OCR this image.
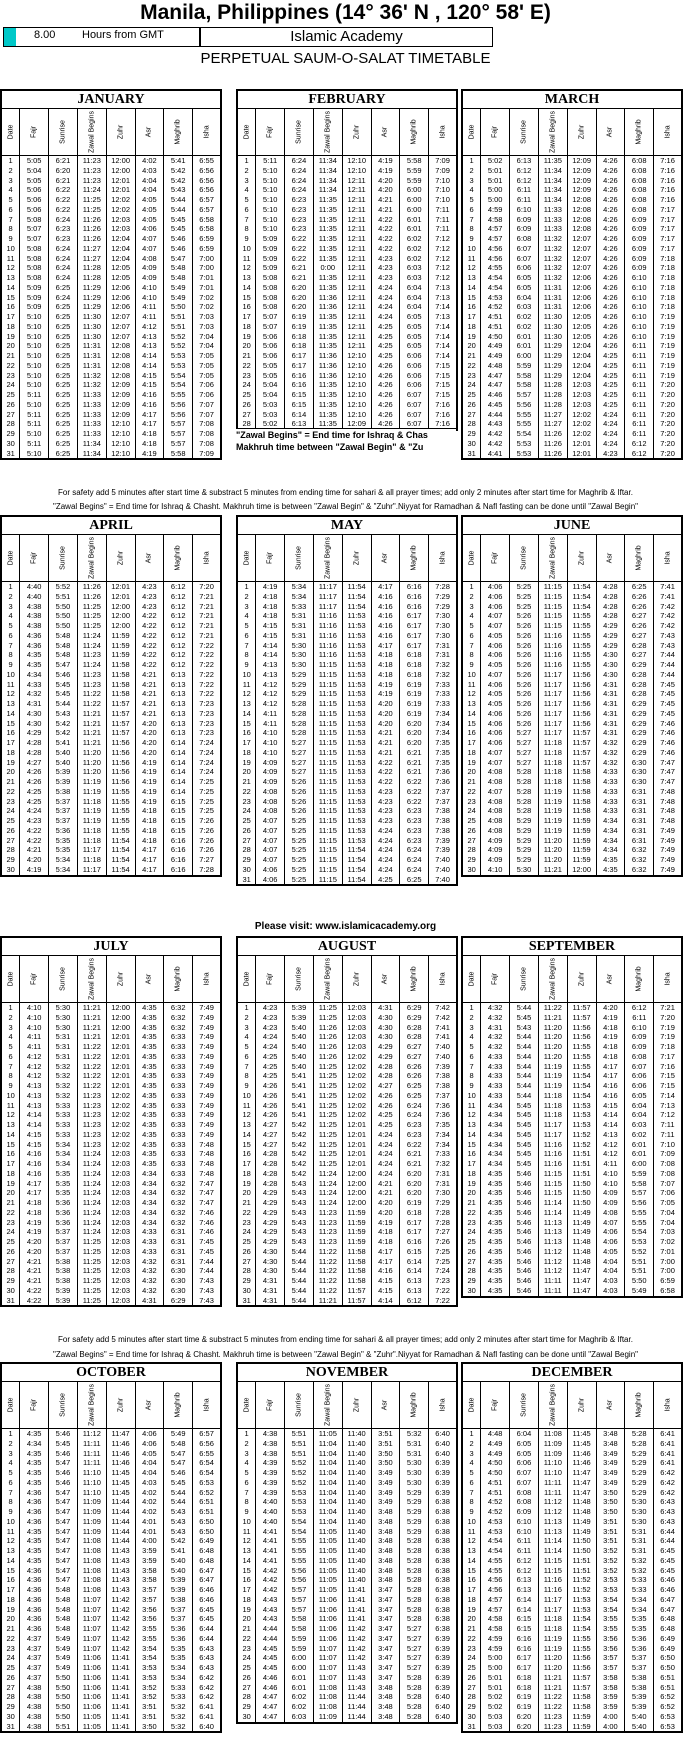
Manila, Philippines (14° 36' N , 120° 58' E)
8.00 Hours from GMT	Islamic Academy
PERPETUAL SAUM-O-SALAT TIMETABLE
JANUARY
Date Fajr	Sunrise	Zawal Begins	Zuhr	Asr	Maghrib	Isha
1	5:05	6:21	11:23	12:00	4:02	5:41	6:55
2	5:04	6:20	11:23	12:00	4:03	5:42	6:56
3	5:05	6:21	11:23	12:01	4:04	5:42	6:56
4	5:06	6:22	11:24	12:01	4:04	5:43	6:56
5	5:06	6:22	11:25	12:02	4:05	5:44	6:57
6	5:06	6:22	11:25	12:02	4:05	5:44	6:57
7	5:08	6:24	11:26	12:03	4:05	5:45	6:58
8	5:07	6:23	11:26	12:03	4:06	5:45	6:58
9	5:07	6:23	11:26	12:04	4:07	5:46	6:59
10	5:08	6:24	11:27	12:04	4:07	5:46	6:59
11	5:08	6:24	11:27	12:04	4:08	5:47	7:00
12	5:08	6:24	11:28	12:05	4:09	5:48	7:00
13	5:08	6:24	11:28	12:05	4:09	5:48	7:01
14	5:09	6:25	11:29	12:06	4:10	5:49	7:01
15	5:09	6:24	11:29	12:06	4:10	5:49	7:02
16	5:09	6:25	11:29	12:06	4:11	5:50	7:02
17	5:10	6:25	11:30	12:07	4:11	5:51	7:03
18	5:10	6:25	11:30	12:07	4:12	5:51	7:03
19	5:10	6:25	11:30	12:07	4:13	5:52	7:04
20	5:10	6:25	11:31	12:08	4:13	5:52	7:04
21	5:10	6:25	11:31	12:08	4:14	5:53	7:05
22	5:10	6:25	11:31	12:08	4:14	5:53	7:05
23	5:10	6:25	11:32	12:08	4:15	5:54	7:05
24	5:10	6:25	11:32	12:09	4:15	5:54	7:06
25	5:11	6:25	11:33	12:09	4:16	5:55	7:06
26	5:10	6:25	11:33	12:09	4:16	5:56	7:07
27	5:11	6:25	11:33	12:09	4:17	5:56	7:07
28	5:11	6:25	11:33	12:10	4:17	5:57	7:08
29	5:10	6:25	11:33	12:10	4:18	5:57	7:08
30	5:11	6:25	11:34	12:10	4:18	5:57	7:08
31	5:10	6:25	11:34	12:10	4:19	5:58	7:09
FEBRUARY
Date Fajr	Sunrise	Zawal Begins	Zuhr	Asr	Maghrib	Isha
1	5:11	6:24	11:34	12:10	4:19	5:58	7:09
2	5:10	6:24	11:34	12:10	4:19	5:59	7:09
3	5:10	6:24	11:34	12:11	4:20	5:59	7:10
4	5:10	6:24	11:34	12:11	4:20	6:00	7:10
5	5:10	6:23	11:35	12:11	4:21	6:00	7:10
6	5:10	6:23	11:35	12:11	4:21	6:00	7:11
7	5:10	6:23	11:35	12:11	4:22	6:01	7:11
8	5:10	6:23	11:35	12:11	4:22	6:01	7:11
9	5:09	6:22	11:35	12:11	4:22	6:02	7:12
10	5:09	6:22	11:35	12:11	4:22	6:02	7:12
11	5:09	6:22	11:35	12:11	4:23	6:02	7:12
12	5:09	6:21	0:00	12:11	4:23	6:03	7:12
13	5:08	6:21	11:35	12:11	4:23	6:03	7:12
14	5:08	6:20	11:35	12:11	4:24	6:04	7:13
15	5:08	6:20	11:36	12:11	4:24	6:04	7:13
16	5:08	6:20	11:36	12:11	4:24	6:04	7:14
17	5:07	6:19	11:35	12:11	4:24	6:05	7:13
18	5:07	6:19	11:35	12:11	4:25	6:05	7:14
19	5:06	6:18	11:35	12:11	4:25	6:05	7:14
20	5:06	6:18	11:35	12:11	4:25	6:05	7:14
21	5:06	6:17	11:36	12:10	4:25	6:06	7:14
22	5:05	6:17	11:36	12:10	4:26	6:06	7:15
23	5:05	6:16	11:36	12:10	4:26	6:06	7:15
24	5:04	6:16	11:35	12:10	4:26	6:06	7:15
25	5:04	6:15	11:35	12:10	4:26	6:07	7:15
26	5:03	6:15	11:35	12:10	4:26	6:07	7:16
27	5:03	6:14	11:35	12:10	4:26	6:07	7:16
28	5:02	6:13	11:35	12:09	4:26	6:07	7:16
MARCH
Date Fajr	Sunrise	Zawal Begins	Zuhr	Asr	Maghrib	Isha
1	5:02	6:13	11:35	12:09	4:26	6:08	7:16
2	5:01	6:12	11:34	12:09	4:26	6:08	7:16
3	5:01	6:12	11:34	12:09	4:26	6:08	7:16
4	5:00	6:11	11:34	12:09	4:26	6:08	7:16
5	5:00	6:11	11:34	12:08	4:26	6:08	7:16
6	4:59	6:10	11:33	12:08	4:26	6:08	7:17
7	4:58	6:09	11:33	12:08	4:26	6:09	7:17
8	4:57	6:09	11:33	12:08	4:26	6:09	7:17
9	4:57	6:08	11:32	12:07	4:26	6:09	7:17
10	4:56	6:07	11:32	12:07	4:26	6:09	7:17
11	4:56	6:07	11:32	12:07	4:26	6:09	7:18
12	4:55	6:06	11:32	12:07	4:26	6:09	7:18
13	4:54	6:05	11:32	12:06	4:26	6:10	7:18
14	4:54	6:05	11:31	12:06	4:26	6:10	7:18
15	4:53	6:04	11:31	12:06	4:26	6:10	7:18
16	4:52	6:03	11:31	12:06	4:26	6:10	7:18
17	4:51	6:02	11:30	12:05	4:26	6:10	7:19
18	4:51	6:02	11:30	12:05	4:26	6:10	7:19
19	4:50	6:01	11:30	12:05	4:26	6:10	7:19
20	4:49	6:01	11:29	12:04	4:26	6:11	7:19
21	4:49	6:00	11:29	12:04	4:25	6:11	7:19
22	4:48	5:59	11:29	12:04	4:25	6:11	7:19
23	4:47	5:58	11:29	12:04	4:25	6:11	7:19
24	4:47	5:58	11:28	12:03	4:25	6:11	7:20
25	4:46	5:57	11:28	12:03	4:25	6:11	7:20
26	4:45	5:56	11:28	12:03	4:25	6:11	7:20
27	4:44	5:55	11:27	12:02	4:24	6:11	7:20
28	4:43	5:55	11:27	12:02	4:24	6:11	7:20
29	4:42	5:54	11:26	12:02	4:24	6:11	7:20
30	4:42	5:53	11:26	12:01	4:24	6:12	7:20
31	4:41	5:53	11:26	12:01	4:23	6:12	7:20
APRIL
Date Fajr	Sunrise	Zawal Begins	Zuhr	Asr	Maghrib	Isha
1	4:40	5:52	11:26	12:01	4:23	6:12	7:20
2	4:40	5:51	11:26	12:01	4:23	6:12	7:21
3	4:38	5:50	11:25	12:00	4:23	6:12	7:21
4	4:38	5:50	11:25	12:00	4:22	6:12	7:21
5	4:38	5:50	11:25	12:00	4:22	6:12	7:21
6	4:36	5:48	11:24	11:59	4:22	6:12	7:21
7	4:36	5:48	11:24	11:59	4:22	6:12	7:22
8	4:35	5:48	11:23	11:59	4:22	6:12	7:22
9	4:35	5:47	11:24	11:58	4:22	6:12	7:22
10	4:34	5:46	11:23	11:58	4:21	6:13	7:22
11	4:33	5:45	11:23	11:58	4:21	6:13	7:22
12	4:32	5:45	11:22	11:58	4:21	6:13	7:22
13	4:31	5:44	11:22	11:57	4:21	6:13	7:23
14	4:30	5:43	11:21	11:57	4:21	6:13	7:23
15	4:30	5:42	11:21	11:57	4:20	6:13	7:23
16	4:29	5:42	11:21	11:57	4:20	6:13	7:23
17	4:28	5:41	11:21	11:56	4:20	6:14	7:24
18	4:28	5:40	11:20	11:56	4:20	6:14	7:24
19	4:27	5:40	11:20	11:56	4:19	6:14	7:24
20	4:26	5:39	11:20	11:56	4:19	6:14	7:24
21	4:26	5:39	11:19	11:56	4:19	6:14	7:25
22	4:25	5:38	11:19	11:55	4:19	6:14	7:25
23	4:25	5:37	11:18	11:55	4:19	6:15	7:25
24	4:24	5:37	11:19	11:55	4:18	6:15	7:25
25	4:23	5:37	11:19	11:55	4:18	6:15	7:26
26	4:22	5:36	11:18	11:55	4:18	6:15	7:26
27	4:22	5:35	11:18	11:54	4:18	6:16	7:26
28	4:21	5:35	11:17	11:54	4:17	6:16	7:26
29	4:20	5:34	11:18	11:54	4:17	6:16	7:27
30	4:19	5:34	11:17	11:54	4:17	6:16	7:28
MAY
Date Fajr	Sunrise	Zawal Begins	Zuhr	Asr	Maghrib	Isha
1	4:19	5:34	11:17	11:54	4:17	6:16	7:28
2	4:18	5:34	11:17	11:54	4:16	6:16	7:29
3	4:18	5:33	11:17	11:54	4:16	6:16	7:29
4	4:18	5:31	11:16	11:53	4:16	6:17	7:30
5	4:15	5:31	11:16	11:53	4:16	6:17	7:30
6	4:15	5:31	11:16	11:53	4:16	6:17	7:30
7	4:14	5:30	11:16	11:53	4:17	6:17	7:31
8	4:14	5:30	11:16	11:53	4:18	6:18	7:31
9	4:13	5:30	11:15	11:53	4:18	6:18	7:32
10	4:13	5:29	11:15	11:53	4:18	6:18	7:32
11	4:12	5:29	11:15	11:53	4:19	6:19	7:33
12	4:12	5:29	11:15	11:53	4:19	6:19	7:33
13	4:12	5:28	11:15	11:53	4:20	6:19	7:33
14	4:11	5:28	11:15	11:53	4:20	6:19	7:34
15	4:11	5:28	11:15	11:53	4:20	6:20	7:34
16	4:10	5:28	11:15	11:53	4:21	6:20	7:34
17	4:10	5:27	11:15	11:53	4:21	6:20	7:35
18	4:10	5:27	11:15	11:53	4:21	6:21	7:35
19	4:09	5:27	11:15	11:53	4:22	6:21	7:35
20	4:09	5:27	11:15	11:53	4:22	6:21	7:36
21	4:09	5:26	11:15	11:53	4:22	6:22	7:36
22	4:08	5:26	11:15	11:53	4:23	6:22	7:37
23	4:08	5:26	11:15	11:53	4:23	6:22	7:37
24	4:08	5:26	11:15	11:53	4:23	6:23	7:38
25	4:07	5:25	11:15	11:53	4:23	6:23	7:38
26	4:07	5:25	11:15	11:53	4:24	6:23	7:38
27	4:07	5:25	11:15	11:53	4:24	6:23	7:39
28	4:07	5:25	11:15	11:54	4:24	6:24	7:39
29	4:07	5:25	11:15	11:54	4:24	6:24	7:40
30	4:06	5:25	11:15	11:54	4:24	6:24	7:40
31	4:06	5:25	11:15	11:54	4:25	6:25	7:40
JUNE
Date Fajr	Sunrise	Zawal Begins	Zuhr	Asr	Maghrib	Isha
1	4:06	5:25	11:15	11:54	4:28	6:25	7:41
2	4:06	5:25	11:15	11:54	4:28	6:26	7:41
3	4:06	5:25	11:15	11:54	4:28	6:26	7:42
4	4:07	5:26	11:15	11:55	4:28	6:27	7:42
5	4:07	5:26	11:15	11:55	4:29	6:26	7:42
6	4:05	5:26	11:16	11:55	4:29	6:27	7:43
7	4:06	5:26	11:16	11:55	4:29	6:28	7:43
8	4:06	5:26	11:16	11:55	4:30	6:27	7:44
9	4:05	5:26	11:16	11:55	4:30	6:29	7:44
10	4:07	5:26	11:17	11:56	4:30	6:28	7:44
11	4:06	5:26	11:17	11:56	4:31	6:28	7:45
12	4:05	5:26	11:17	11:56	4:31	6:28	7:45
13	4:05	5:26	11:17	11:56	4:31	6:29	7:45
14	4:06	5:26	11:17	11:56	4:31	6:29	7:45
15	4:06	5:26	11:17	11:56	4:31	6:29	7:46
16	4:06	5:27	11:17	11:57	4:31	6:29	7:46
17	4:06	5:27	11:18	11:57	4:32	6:29	7:46
18	4:07	5:27	11:18	11:57	4:32	6:29	7:46
19	4:07	5:27	11:18	11:57	4:32	6:30	7:47
20	4:08	5:28	11:18	11:58	4:33	6:30	7:47
21	4:08	5:28	11:18	11:58	4:33	6:30	7:47
22	4:07	5:28	11:19	11:58	4:33	6:31	7:48
23	4:08	5:28	11:19	11:58	4:33	6:31	7:48
24	4:08	5:28	11:19	11:58	4:33	6:31	7:48
25	4:08	5:29	11:19	11:59	4:34	6:31	7:48
26	4:08	5:29	11:19	11:59	4:34	6:31	7:49
27	4:09	5:29	11:20	11:59	4:34	6:31	7:49
28	4:09	5:29	11:20	11:59	4:34	6:32	7:49
29	4:09	5:29	11:20	11:59	4:35	6:32	7:49
30	4:10	5:30	11:21	12:00	4:35	6:32	7:49
JULY
Date Fajr	Sunrise	Zawal Begins	Zuhr	Asr	Maghrib	Isha
1	4:10	5:30	11:21	12:00	4:35	6:32	7:49
2	4:10	5:30	11:21	12:00	4:35	6:32	7:49
3	4:10	5:30	11:21	12:00	4:35	6:32	7:49
4	4:11	5:31	11:21	12:01	4:35	6:33	7:49
5	4:11	5:31	11:22	12:01	4:35	6:33	7:49
6	4:12	5:31	11:22	12:01	4:35	6:33	7:49
7	4:12	5:32	11:22	12:01	4:35	6:33	7:49
8	4:12	5:32	11:22	12:01	4:35	6:33	7:49
9	4:13	5:32	11:22	12:01	4:35	6:33	7:49
10	4:13	5:32	11:23	12:02	4:35	6:33	7:49
11	4:13	5:33	11:23	12:02	4:35	6:33	7:49
12	4:14	5:33	11:23	12:02	4:35	6:33	7:49
13	4:14	5:33	11:23	12:02	4:35	6:33	7:49
14	4:15	5:33	11:23	12:02	4:35	6:33	7:49
15	4:15	5:34	11:23	12:02	4:35	6:33	7:48
16	4:16	5:34	11:24	12:03	4:35	6:33	7:48
17	4:16	5:34	11:24	12:03	4:35	6:33	7:48
18	4:16	5:35	11:24	12:03	4:34	6:33	7:48
19	4:17	5:35	11:24	12:03	4:34	6:32	7:47
20	4:17	5:35	11:24	12:03	4:34	6:32	7:47
21	4:18	5:36	11:24	12:03	4:34	6:32	7:47
22	4:18	5:36	11:24	12:03	4:34	6:32	7:46
23	4:19	5:36	11:24	12:03	4:34	6:32	7:46
24	4:19	5:37	11:24	12:03	4:33	6:31	7:46
25	4:20	5:37	11:25	12:03	4:33	6:31	7:45
26	4:20	5:37	11:25	12:03	4:33	6:31	7:45
27	4:21	5:38	11:25	12:03	4:32	6:31	7:44
28	4:21	5:38	11:25	12:03	4:32	6:30	7:44
29	4:21	5:38	11:25	12:03	4:32	6:30	7:43
30	4:22	5:39	11:25	12:03	4:32	6:30	7:43
31	4:22	5:39	11:25	12:03	4:31	6:29	7:43
AUGUST
Date Fajr	Sunrise	Zawal Begins	Zuhr	Asr	Maghrib	Isha
1	4:23	5:39	11:25	12:03	4:31	6:29	7:42
2	4:23	5:39	11:25	12:03	4:30	6:29	7:42
3	4:23	5:40	11:26	12:03	4:30	6:28	7:41
4	4:24	5:40	11:26	12:03	4:30	6:28	7:41
5	4:24	5:40	11:26	12:03	4:29	6:27	7:40
6	4:25	5:40	11:26	12:02	4:29	6:27	7:40
7	4:25	5:40	11:25	12:02	4:28	6:26	7:39
8	4:25	5:41	11:25	12:02	4:28	6:26	7:38
9	4:26	5:41	11:25	12:02	4:27	6:25	7:38
10	4:26	5:41	11:25	12:02	4:26	6:25	7:37
11	4:26	5:41	11:25	12:02	4:26	6:24	7:36
12	4:26	5:41	11:25	12:02	4:25	6:24	7:36
13	4:27	5:42	11:25	12:01	4:25	6:23	7:35
14	4:27	5:42	11:25	12:01	4:24	6:23	7:34
15	4:27	5:42	11:25	12:01	4:24	6:22	7:34
16	4:28	5:42	11:25	12:01	4:24	6:21	7:33
17	4:28	5:42	11:25	12:01	4:24	6:21	7:32
18	4:28	5:42	11:24	12:00	4:24	6:20	7:31
19	4:28	5:43	11:24	12:00	4:21	6:20	7:31
20	4:29	5:43	11:24	12:00	4:21	6:20	7:30
21	4:29	5:43	11:24	12:00	4:20	6:19	7:29
22	4:29	5:43	11:23	11:59	4:20	6:18	7:28
23	4:29	5:43	11:23	11:59	4:19	6:17	7:28
24	4:29	5:43	11:23	11:59	4:18	6:17	7:27
25	4:29	5:43	11:23	11:59	4:18	6:16	7:26
26	4:30	5:44	11:22	11:58	4:17	6:15	7:25
27	4:30	5:44	11:22	11:58	4:17	6:14	7:25
28	4:30	5:44	11:22	11:58	4:16	6:14	7:24
29	4:31	5:44	11:22	11:58	4:15	6:13	7:23
30	4:31	5:44	11:22	11:57	4:15	6:13	7:22
31	4:31	5:44	11:21	11:57	4:14	6:12	7:22
SEPTEMBER
Date Fajr	Sunrise	Zawal Begins	Zuhr	Asr	Maghrib	Isha
1	4:32	5:44	11:22	11:57	4:20	6:12	7:21
2	4:32	5:45	11:21	11:57	4:19	6:11	7:20
3	4:31	5:43	11:20	11:56	4:18	6:10	7:19
4	4:32	5:44	11:20	11:56	4:19	6:09	7:19
5	4:32	5:44	11:20	11:55	4:18	6:09	7:18
6	4:33	5:44	11:20	11:55	4:18	6:08	7:17
7	4:33	5:44	11:19	11:55	4:17	6:07	7:16
8	4:33	5:44	11:19	11:54	4:17	6:06	7:15
9	4:33	5:44	11:19	11:54	4:16	6:06	7:15
10	4:33	5:44	11:18	11:54	4:16	6:05	7:14
11	4:34	5:45	11:18	11:53	4:15	6:04	7:13
12	4:34	5:45	11:18	11:53	4:14	6:04	7:12
13	4:34	5:45	11:17	11:53	4:14	6:03	7:11
14	4:34	5:45	11:17	11:52	4:13	6:02	7:11
15	4:34	5:45	11:16	11:52	4:12	6:01	7:10
16	4:34	5:45	11:16	11:51	4:12	6:01	7:09
17	4:34	5:45	11:16	11:51	4:11	6:00	7:08
18	4:35	5:46	11:15	11:51	4:10	5:59	7:08
19	4:35	5:46	11:15	11:50	4:10	5:58	7:07
20	4:35	5:46	11:15	11:50	4:09	5:57	7:06
21	4:35	5:46	11:14	11:50	4:09	5:56	7:05
22	4:35	5:46	11:14	11:49	4:08	5:55	7:04
23	4:35	5:46	11:13	11:49	4:07	5:55	7:04
24	4:35	5:46	11:13	11:49	4:06	5:54	7:03
25	4:35	5:46	11:13	11:48	4:06	5:53	7:02
26	4:35	5:46	11:12	11:48	4:05	5:52	7:01
27	4:35	5:46	11:12	11:48	4:04	5:51	7:00
28	4:35	5:46	11:12	11:47	4:04	5:51	7:00
29	4:35	5:46	11:11	11:47	4:03	5:50	6:59
30	4:35	5:46	11:11	11:47	4:03	5:49	6:58
OCTOBER
Date Fajr	Sunrise	Zawal Begins	Zuhr	Asr	Maghrib	Isha
1	4:35	5:46	11:12	11:47	4:06	5:49	6:57
2	4:34	5:45	11:11	11:46	4:06	5:48	6:56
3	4:35	5:46	11:11	11:46	4:05	5:47	6:55
4	4:35	5:47	11:11	11:46	4:04	5:47	6:54
5	4:35	5:46	11:10	11:45	4:04	5:46	6:54
6	4:35	5:46	11:10	11:45	4:03	5:45	6:53
7	4:36	5:47	11:10	11:45	4:02	5:44	6:52
8	4:36	5:47	11:09	11:44	4:02	5:44	6:51
9	4:36	5:47	11:09	11:44	4:02	5:43	6:51
10	4:36	5:47	11:09	11:44	4:01	5:43	6:50
11	4:35	5:47	11:09	11:44	4:01	5:43	6:50
12	4:35	5:47	11:08	11:44	4:00	5:42	6:49
13	4:35	5:47	11:08	11:43	3:59	5:41	6:48
14	4:35	5:47	11:08	11:43	3:59	5:40	6:48
15	4:36	5:47	11:08	11:43	3:58	5:40	6:47
16	4:36	5:47	11:08	11:43	3:58	5:39	6:47
17	4:36	5:48	11:08	11:43	3:57	5:39	6:46
18	4:36	5:48	11:07	11:42	3:57	5:38	6:46
19	4:36	5:48	11:07	11:42	3:56	5:37	6:45
20	4:36	5:48	11:07	11:42	3:56	5:37	6:45
21	4:36	5:48	11:07	11:42	3:55	5:36	6:44
22	4:37	5:49	11:07	11:42	3:55	5:36	6:44
23	4:37	5:49	11:07	11:42	3:54	5:35	6:43
24	4:37	5:49	11:06	11:41	3:54	5:35	6:43
25	4:37	5:49	11:06	11:41	3:53	5:34	6:43
26	4:37	5:50	11:06	11:41	3:53	5:34	6:42
27	4:38	5:50	11:06	11:41	3:52	5:33	6:42
28	4:38	5:50	11:06	11:41	3:52	5:33	6:42
29	4:38	5:50	11:06	11:41	3:51	5:32	6:41
30	4:38	5:50	11:05	11:41	3:51	5:32	6:41
31	4:38	5:51	11:05	11:41	3:50	5:32	6:40
NOVEMBER
Date Fajr	Sunrise	Zawal Begins	Zuhr	Asr	Maghrib	Isha
1	4:38	5:51	11:05	11:40	3:51	5:32	6:40
2	4:38	5:51	11:04	11:40	3:51	5:31	6:40
3	4:38	5:51	11:04	11:40	3:50	5:31	6:40
4	4:39	5:52	11:04	11:40	3:50	5:30	6:39
5	4:39	5:52	11:04	11:40	3:49	5:30	6:39
6	4:39	5:52	11:04	11:40	3:49	5:30	6:39
7	4:39	5:53	11:04	11:40	3:49	5:29	6:39
8	4:40	5:53	11:04	11:40	3:49	5:29	6:38
9	4:40	5:53	11:04	11:40	3:48	5:29	6:38
10	4:40	5:54	11:04	11:40	3:48	5:29	6:38
11	4:41	5:54	11:05	11:40	3:48	5:29	6:38
12	4:41	5:55	11:05	11:40	3:48	5:28	6:38
13	4:41	5:55	11:05	11:40	3:48	5:28	6:38
14	4:41	5:55	11:05	11:40	3:48	5:28	6:38
15	4:42	5:56	11:05	11:40	3:48	5:28	6:38
16	4:42	5:56	11:05	11:40	3:48	5:28	6:38
17	4:42	5:57	11:05	11:41	3:47	5:28	6:38
18	4:43	5:57	11:06	11:41	3:47	5:28	6:38
19	4:43	5:57	11:06	11:41	3:47	5:28	6:38
20	4:43	5:58	11:06	11:41	3:47	5:28	6:38
21	4:44	5:58	11:06	11:42	3:47	5:27	6:38
22	4:44	5:59	11:06	11:42	3:47	5:27	6:39
23	4:45	5:59	11:07	11:42	3:47	5:27	6:39
24	4:45	6:00	11:07	11:42	3:47	5:27	6:39
25	4:45	6:00	11:07	11:43	3:47	5:27	6:39
26	4:46	6:01	11:07	11:43	3:47	5:28	6:39
27	4:46	6:01	11:08	11:43	3:48	5:28	6:39
28	4:47	6:02	11:08	11:44	3:48	5:28	6:40
29	4:47	6:02	11:08	11:44	3:48	5:28	6:40
30	4:47	6:03	11:09	11:44	3:48	5:28	6:40
DECEMBER
Date Fajr	Sunrise	Zawal Begins	Zuhr	Asr	Maghrib	Isha
1	4:48	6:04	11:08	11:45	3:48	5:28	6:41
2	4:49	6:05	11:09	11:45	3:48	5:28	6:41
3	4:49	6:05	11:09	11:46	3:49	5:29	6:41
4	4:50	6:06	11:10	11:46	3:49	5:29	6:41
5	4:50	6:07	11:10	11:47	3:49	5:29	6:42
6	4:51	6:07	11:11	11:47	3:49	5:29	6:42
7	4:51	6:08	11:11	11:47	3:50	5:29	6:42
8	4:52	6:08	11:12	11:48	3:50	5:30	6:43
9	4:52	6:09	11:12	11:48	3:50	5:30	6:43
10	4:53	6:10	11:13	11:49	3:51	5:30	6:43
11	4:53	6:10	11:13	11:49	3:51	5:31	6:44
12	4:54	6:11	11:14	11:50	3:51	5:31	6:44
13	4:54	6:11	11:14	11:50	3:52	5:31	6:45
14	4:55	6:12	11:15	11:51	3:52	5:32	6:45
15	4:55	6:12	11:15	11:51	3:52	5:32	6:45
16	4:56	6:13	11:16	11:52	3:53	5:33	6:46
17	4:56	6:13	11:16	11:52	3:53	5:33	6:46
18	4:57	6:14	11:17	11:53	3:54	5:34	6:47
19	4:57	6:14	11:17	11:53	3:54	5:34	6:47
20	4:58	6:15	11:18	11:54	3:55	5:35	6:48
21	4:58	6:15	11:18	11:54	3:55	5:35	6:48
22	4:59	6:16	11:19	11:55	3:56	5:36	6:49
23	4:59	6:16	11:19	11:55	3:56	5:36	6:49
24	5:00	6:17	11:20	11:56	3:57	5:37	6:50
25	5:00	6:17	11:20	11:56	3:57	5:37	6:50
26	5:01	6:18	11:21	11:57	3:58	5:38	6:51
27	5:01	6:18	11:21	11:57	3:58	5:38	6:51
28	5:02	6:19	11:22	11:58	3:59	5:39	6:52
29	5:02	6:19	11:22	11:58	3:59	5:39	6:52
30	5:03	6:20	11:23	11:59	4:00	5:40	6:53
31	5:03	6:20	11:23	11:59	4:00	5:40	6:53
For safety add 5 minutes after start time & substract 5 minutes from ending time for sahari & all prayer times; add only 2 minutes after start time for Maghrib & Iftar.
"Zawal Begins" = End time for Ishraq & Chasht. Makhruh time is between "Zawal Begin" & "Zuhr".Niyyat for Ramadhan & Nafl fasting can be done until "Zawal Begin"
Please visit: www.islamicacademy.org
For safety add 5 minutes after start time & substract 5 minutes from ending time for sahari & all prayer times; add only 2 minutes after start time for Maghrib & Iftar.
"Zawal Begins" = End time for Ishraq & Chasht. Makhruh time is between "Zawal Begin" & "Zuhr".Niyyat for Ramadhan & Nafl fasting can be done until "Zawal Begin"
"Zawal Begins" = End time for Ishraq & Chas
Makhruh time between "Zawal Begin" & "Zu
